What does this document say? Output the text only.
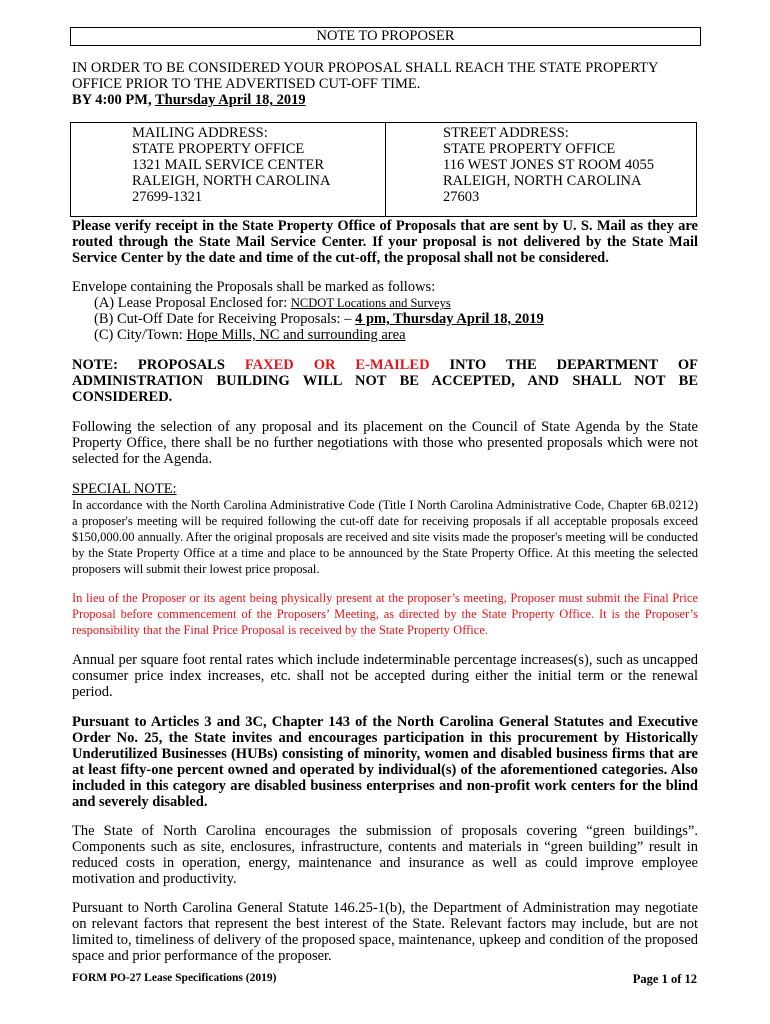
NOTE TO PROPOSER
IN ORDER TO BE CONSIDERED YOUR PROPOSAL SHALL REACH THE STATE PROPERTY OFFICE PRIOR TO THE ADVERTISED CUT-OFF TIME.
BY 4:00 PM, Thursday April 18, 2019
MAILING ADDRESS:
STATE PROPERTY OFFICE
1321 MAIL SERVICE CENTER
RALEIGH, NORTH CAROLINA
27699-1321
STREET ADDRESS:
STATE PROPERTY OFFICE
116 WEST JONES ST ROOM 4055
RALEIGH, NORTH CAROLINA
27603
Please verify receipt in the State Property Office of Proposals that are sent by U. S. Mail as they are routed through the State Mail Service Center. If your proposal is not delivered by the State Mail Service Center by the date and time of the cut-off, the proposal shall not be considered.
Envelope containing the Proposals shall be marked as follows:
(A) Lease Proposal Enclosed for: NCDOT Locations and Surveys
(B) Cut-Off Date for Receiving Proposals: – 4 pm, Thursday April 18, 2019
(C) City/Town: Hope Mills, NC and surrounding area
NOTE: PROPOSALS FAXED OR E-MAILED INTO THE DEPARTMENT OF ADMINISTRATION BUILDING WILL NOT BE ACCEPTED, AND SHALL NOT BE CONSIDERED.
Following the selection of any proposal and its placement on the Council of State Agenda by the State Property Office, there shall be no further negotiations with those who presented proposals which were not selected for the Agenda.
SPECIAL NOTE:
In accordance with the North Carolina Administrative Code (Title I North Carolina Administrative Code, Chapter 6B.0212) a proposer's meeting will be required following the cut-off date for receiving proposals if all acceptable proposals exceed $150,000.00 annually. After the original proposals are received and site visits made the proposer's meeting will be conducted by the State Property Office at a time and place to be announced by the State Property Office. At this meeting the selected proposers will submit their lowest price proposal.
In lieu of the Proposer or its agent being physically present at the proposer’s meeting, Proposer must submit the Final Price Proposal before commencement of the Proposers’ Meeting, as directed by the State Property Office. It is the Proposer’s responsibility that the Final Price Proposal is received by the State Property Office.
Annual per square foot rental rates which include indeterminable percentage increases(s), such as uncapped consumer price index increases, etc. shall not be accepted during either the initial term or the renewal period.
Pursuant to Articles 3 and 3C, Chapter 143 of the North Carolina General Statutes and Executive Order No. 25, the State invites and encourages participation in this procurement by Historically Underutilized Businesses (HUBs) consisting of minority, women and disabled business firms that are at least fifty-one percent owned and operated by individual(s) of the aforementioned categories. Also included in this category are disabled business enterprises and non-profit work centers for the blind and severely disabled.
The State of North Carolina encourages the submission of proposals covering “green buildings”. Components such as site, enclosures, infrastructure, contents and materials in “green building” result in reduced costs in operation, energy, maintenance and insurance as well as could improve employee motivation and productivity.
Pursuant to North Carolina General Statute 146.25-1(b), the Department of Administration may negotiate on relevant factors that represent the best interest of the State. Relevant factors may include, but are not limited to, timeliness of delivery of the proposed space, maintenance, upkeep and condition of the proposed space and prior performance of the proposer.
FORM PO-27 Lease Specifications (2019)	Page 1 of 12
